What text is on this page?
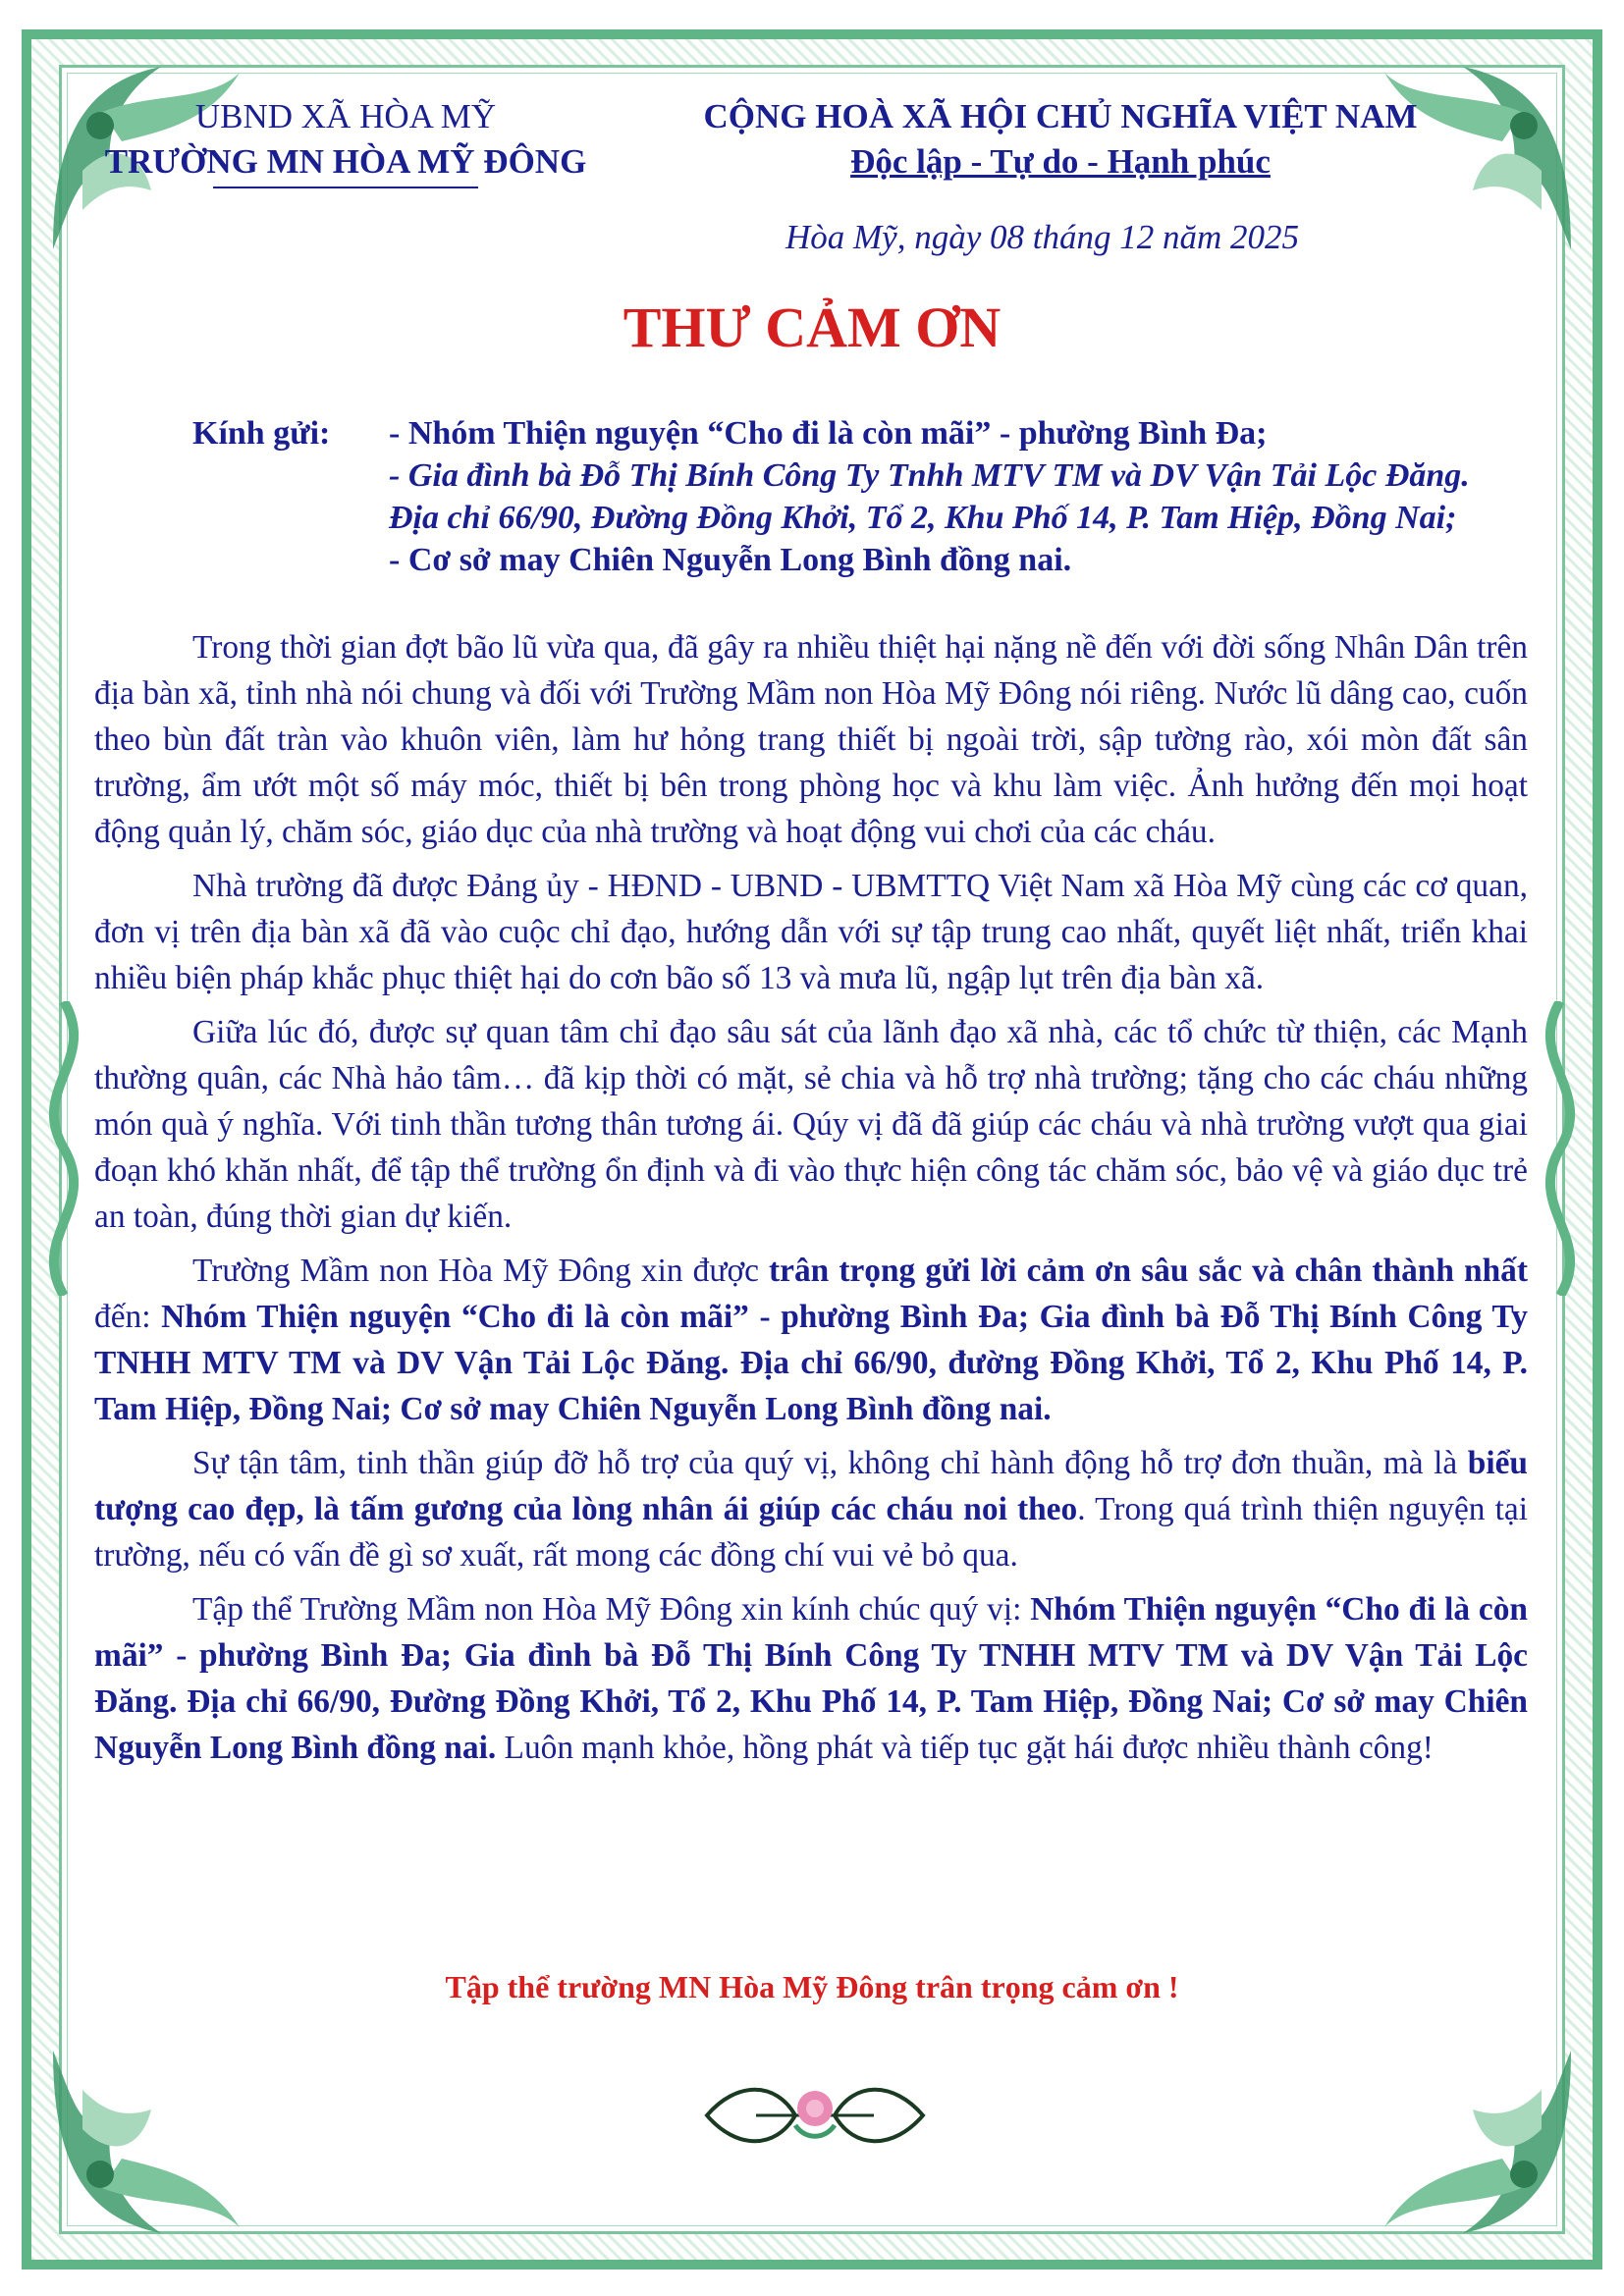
UBND XÃ HÒA MỸ
TRƯỜNG MN HÒA MỸ ĐÔNG
CỘNG HOÀ XÃ HỘI CHỦ NGHĨA VIỆT NAM
Độc lập - Tự do - Hạnh phúc
Hòa Mỹ, ngày 08 tháng 12 năm 2025
THƯ CẢM ƠN
Kính gửi: - Nhóm Thiện nguyện “Cho đi là còn mãi” - phường Bình Đa;
- Gia đình bà Đỗ Thị Bính Công Ty Tnhh MTV TM và DV Vận Tải Lộc Đăng. Địa chỉ 66/90, Đường Đồng Khởi, Tổ 2, Khu Phố 14, P. Tam Hiệp, Đồng Nai;
- Cơ sở may Chiên Nguyễn Long Bình đồng nai.

Trong thời gian đợt bão lũ vừa qua, đã gây ra nhiều thiệt hại nặng nề đến với đời sống Nhân Dân trên địa bàn xã, tỉnh nhà nói chung và đối với Trường Mầm non Hòa Mỹ Đông nói riêng. Nước lũ dâng cao, cuốn theo bùn đất tràn vào khuôn viên, làm hư hỏng trang thiết bị ngoài trời, sập tường rào, xói mòn đất sân trường, ẩm ướt một số máy móc, thiết bị bên trong phòng học và khu làm việc. Ảnh hưởng đến mọi hoạt động quản lý, chăm sóc, giáo dục của nhà trường và hoạt động vui chơi của các cháu.

Nhà trường đã được Đảng ủy - HĐND - UBND - UBMTTQ Việt Nam xã Hòa Mỹ cùng các cơ quan, đơn vị trên địa bàn xã đã vào cuộc chỉ đạo, hướng dẫn với sự tập trung cao nhất, quyết liệt nhất, triển khai nhiều biện pháp khắc phục thiệt hại do cơn bão số 13 và mưa lũ, ngập lụt trên địa bàn xã.

Giữa lúc đó, được sự quan tâm chỉ đạo sâu sát của lãnh đạo xã nhà, các tổ chức từ thiện, các Mạnh thường quân, các Nhà hảo tâm… đã kịp thời có mặt, sẻ chia và hỗ trợ nhà trường; tặng cho các cháu những món quà ý nghĩa. Với tinh thần tương thân tương ái. Qúy vị đã đã giúp các cháu và nhà trường vượt qua giai đoạn khó khăn nhất, để tập thể trường ổn định và đi vào thực hiện công tác chăm sóc, bảo vệ và giáo dục trẻ an toàn, đúng thời gian dự kiến.

Trường Mầm non Hòa Mỹ Đông xin được trân trọng gửi lời cảm ơn sâu sắc và chân thành nhất đến: Nhóm Thiện nguyện “Cho đi là còn mãi” - phường Bình Đa; Gia đình bà Đỗ Thị Bính Công Ty TNHH MTV TM và DV Vận Tải Lộc Đăng. Địa chỉ 66/90, đường Đồng Khởi, Tổ 2, Khu Phố 14, P. Tam Hiệp, Đồng Nai; Cơ sở may Chiên Nguyễn Long Bình đồng nai.

Sự tận tâm, tinh thần giúp đỡ hỗ trợ của quý vị, không chỉ hành động hỗ trợ đơn thuần, mà là biểu tượng cao đẹp, là tấm gương của lòng nhân ái giúp các cháu noi theo. Trong quá trình thiện nguyện tại trường, nếu có vấn đề gì sơ xuất, rất mong các đồng chí vui vẻ bỏ qua.

Tập thể Trường Mầm non Hòa Mỹ Đông xin kính chúc quý vị: Nhóm Thiện nguyện “Cho đi là còn mãi” - phường Bình Đa; Gia đình bà Đỗ Thị Bính Công Ty TNHH MTV TM và DV Vận Tải Lộc Đăng. Địa chỉ 66/90, Đường Đồng Khởi, Tổ 2, Khu Phố 14, P. Tam Hiệp, Đồng Nai; Cơ sở may Chiên Nguyễn Long Bình đồng nai. Luôn mạnh khỏe, hồng phát và tiếp tục gặt hái được nhiều thành công!

Tập thể trường MN Hòa Mỹ Đông trân trọng cảm ơn !
